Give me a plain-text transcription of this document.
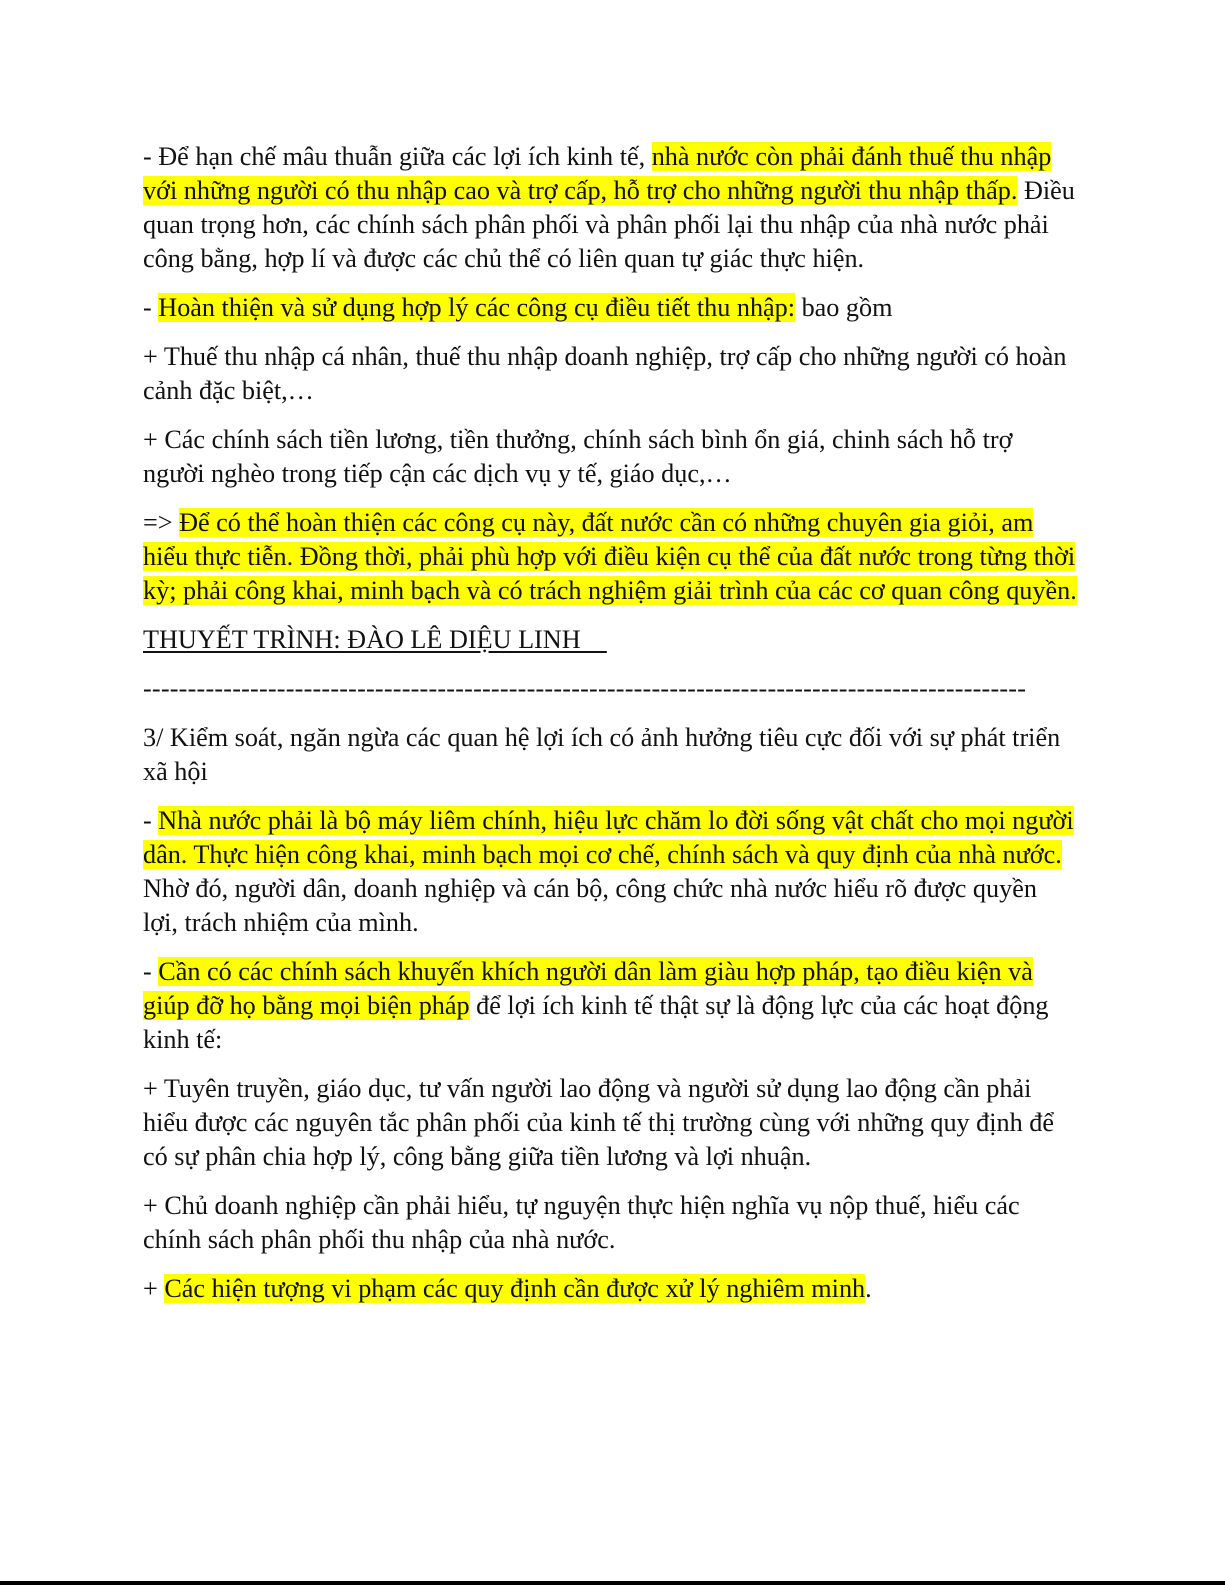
- Để hạn chế mâu thuẫn giữa các lợi ích kinh tế, nhà nước còn phải đánh thuế thu nhập với những người có thu nhập cao và trợ cấp, hỗ trợ cho những người thu nhập thấp. Điều quan trọng hơn, các chính sách phân phối và phân phối lại thu nhập của nhà nước phải công bằng, hợp lí và được các chủ thể có liên quan tự giác thực hiện.

- Hoàn thiện và sử dụng hợp lý các công cụ điều tiết thu nhập: bao gồm

+ Thuế thu nhập cá nhân, thuế thu nhập doanh nghiệp, trợ cấp cho những người có hoàn cảnh đặc biệt,…

+ Các chính sách tiền lương, tiền thưởng, chính sách bình ổn giá, chinh sách hỗ trợ người nghèo trong tiếp cận các dịch vụ y tế, giáo dục,…

=> Để có thể hoàn thiện các công cụ này, đất nước cần có những chuyên gia giỏi, am hiểu thực tiễn. Đồng thời, phải phù hợp với điều kiện cụ thể của đất nước trong từng thời kỳ; phải công khai, minh bạch và có trách nghiệm giải trình của các cơ quan công quyền.

THUYẾT TRÌNH: ĐÀO LÊ DIỆU LINH

---------------------------------------------------------------------------------------------------

3/ Kiểm soát, ngăn ngừa các quan hệ lợi ích có ảnh hưởng tiêu cực đối với sự phát triển xã hội

- Nhà nước phải là bộ máy liêm chính, hiệu lực chăm lo đời sống vật chất cho mọi người dân. Thực hiện công khai, minh bạch mọi cơ chế, chính sách và quy định của nhà nước. Nhờ đó, người dân, doanh nghiệp và cán bộ, công chức nhà nước hiểu rõ được quyền lợi, trách nhiệm của mình.

- Cần có các chính sách khuyến khích người dân làm giàu hợp pháp, tạo điều kiện và giúp đỡ họ bằng mọi biện pháp để lợi ích kinh tế thật sự là động lực của các hoạt động kinh tế:

+ Tuyên truyền, giáo dục, tư vấn người lao động và người sử dụng lao động cần phải hiểu được các nguyên tắc phân phối của kinh tế thị trường cùng với những quy định để có sự phân chia hợp lý, công bằng giữa tiền lương và lợi nhuận.

+ Chủ doanh nghiệp cần phải hiểu, tự nguyện thực hiện nghĩa vụ nộp thuế, hiểu các chính sách phân phối thu nhập của nhà nước.

+ Các hiện tượng vi phạm các quy định cần được xử lý nghiêm minh.
